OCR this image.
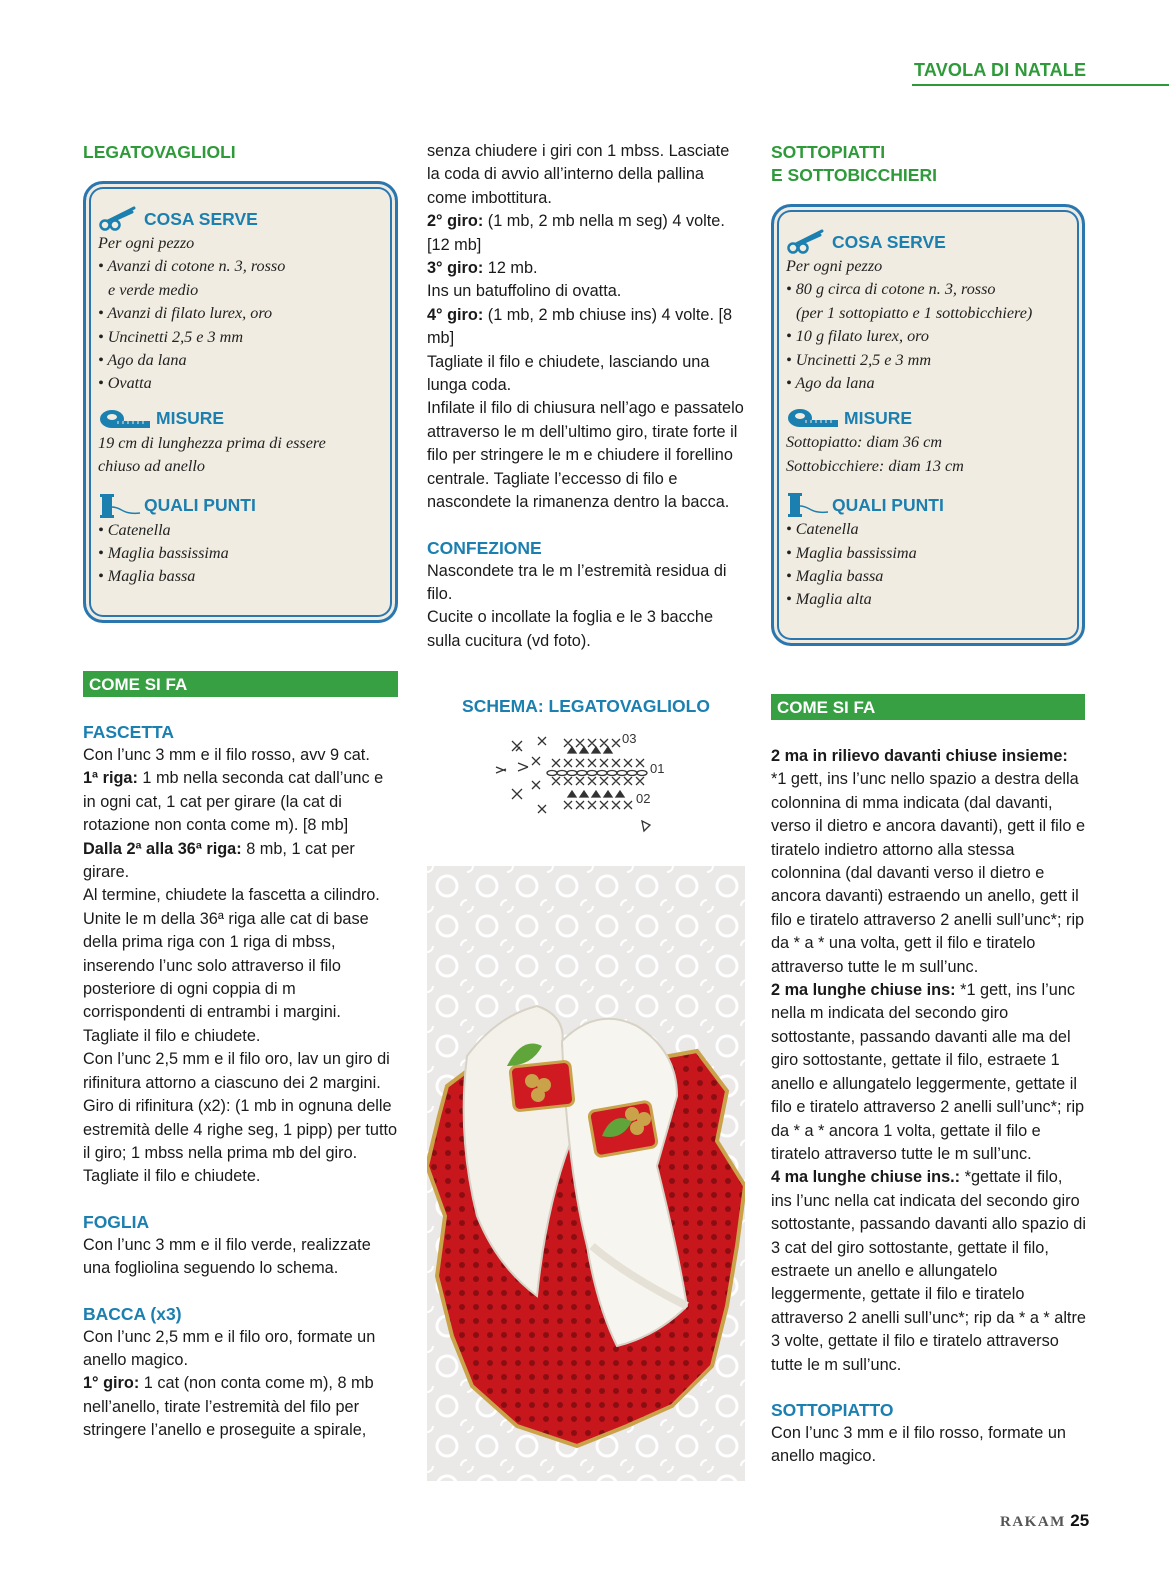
TAVOLA DI NATALE
LEGATOVAGLIOLI
COSA SERVE

Per ogni pezzo

• Avanzi di cotone n. 3, rosso

e verde medio

• Avanzi di filato lurex, oro

• Uncinetti 2,5 e 3 mm

• Ago da lana

• Ovatta

MISURE

19 cm di lunghezza prima di essere

chiuso ad anello

QUALI PUNTI

• Catenella

• Maglia bassissima

• Maglia bassa

COME SI FA
FASCETTA

Con l’unc 3 mm e il filo rosso, avv 9 cat.

1ª riga: 1 mb nella seconda cat dall’unc e in ogni cat, 1 cat per girare (la cat di rotazione non conta come m). [8 mb]

Dalla 2ª alla 36ª riga: 8 mb, 1 cat per girare.

Al termine, chiudete la fascetta a cilindro. Unite le m della 36ª riga alle cat di base della prima riga con 1 riga di mbss, inserendo l’unc solo attraverso il filo posteriore di ogni coppia di m corrispondenti di entrambi i margini. Tagliate il filo e chiudete.

Con l’unc 2,5 mm e il filo oro, lav un giro di rifinitura attorno a ciascuno dei 2 margini.

Giro di rifinitura (x2): (1 mb in ognuna delle estremità delle 4 righe seg, 1 pipp) per tutto il giro; 1 mbss nella prima mb del giro. Tagliate il filo e chiudete.

FOGLIA

Con l’unc 3 mm e il filo verde, realizzate una fogliolina seguendo lo schema.

BACCA (x3)

Con l’unc 2,5 mm e il filo oro, formate un anello magico.

1° giro: 1 cat (non conta come m), 8 mb nell’anello, tirate l’estremità del filo per stringere l’anello e proseguite a spirale,

senza chiudere i giri con 1 mbss. Lasciate la coda di avvio all’interno della pallina come imbottitura.

2° giro: (1 mb, 2 mb nella m seg) 4 volte. [12 mb]

3° giro: 12 mb.

Ins un batuffolino di ovatta.

4° giro: (1 mb, 2 mb chiuse ins) 4 volte. [8 mb]

Tagliate il filo e chiudete, lasciando una lunga coda.

Infilate il filo di chiusura nell’ago e passatelo attraverso le m dell’ultimo giro, tirate forte il filo per stringere le m e chiudere il forellino centrale. Tagliate l’eccesso di filo e nascondete la rimanenza dentro la bacca.

CONFEZIONE

Nascondete tra le m l’estremità residua di filo.

Cucite o incollate la foglia e le 3 bacche sulla cucitura (vd foto).

SCHEMA: LEGATOVAGLIOLO
03
01
02
SOTTOPIATTI
E SOTTOBICCHIERI
COSA SERVE

Per ogni pezzo

• 80 g circa di cotone n. 3, rosso

(per 1 sottopiatto e 1 sottobicchiere)

• 10 g filato lurex, oro

• Uncinetti 2,5 e 3 mm

• Ago da lana

MISURE

Sottopiatto: diam 36 cm

Sottobicchiere: diam 13 cm

QUALI PUNTI

• Catenella

• Maglia bassissima

• Maglia bassa

• Maglia alta

COME SI FA

2 ma in rilievo davanti chiuse insieme: *1 gett, ins l’unc nello spazio a destra della colonnina di mma indicata (dal davanti, verso il dietro e ancora davanti), gett il filo e tiratelo indietro attorno alla stessa colonnina (dal davanti verso il dietro e ancora davanti) estraendo un anello, gett il filo e tiratelo attraverso 2 anelli sull’unc*; rip da * a * una volta, gett il filo e tiratelo attraverso tutte le m sull’unc.

2 ma lunghe chiuse ins: *1 gett, ins l’unc nella m indicata del secondo giro sottostante, passando davanti alle ma del giro sottostante, gettate il filo, estraete 1 anello e allungatelo leggermente, gettate il filo e tiratelo attraverso 2 anelli sull’unc*; rip da * a * ancora 1 volta, gettate il filo e tiratelo attraverso tutte le m sull’unc.

4 ma lunghe chiuse ins.: *gettate il filo, ins l’unc nella cat indicata del secondo giro sottostante, passando davanti allo spazio di 3 cat del giro sottostante, gettate il filo, estraete un anello e allungatelo leggermente, gettate il filo e tiratelo attraverso 2 anelli sull’unc*; rip da * a * altre 3 volte, gettate il filo e tiratelo attraverso tutte le m sull’unc.

SOTTOPIATTO

Con l’unc 3 mm e il filo rosso, formate un anello magico.

RAKAM 25
